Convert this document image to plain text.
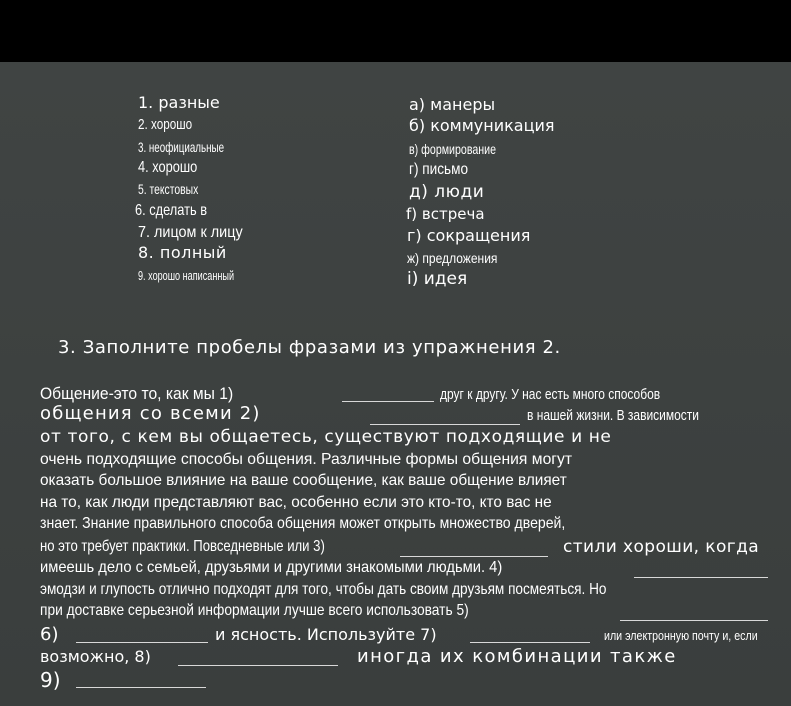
1. разные
2. хорошо
3. неофициальные
4. хорошо
5. текстовых
6. сделать в
7. лицом к лицу
8. полный
9. хорошо написанный
а) манеры
б) коммуникация
в) формирование
г) письмо
д) люди
f) встреча
г) сокращения
ж) предложения
i) идея
3. Заполните пробелы фразами из упражнения 2.
Общение-это то, как мы 1)	друг к другу. У нас есть много способов
общения со всеми 2)	в нашей жизни. В зависимости
от того, с кем вы общаетесь, существуют подходящие и не
очень подходящие способы общения. Различные формы общения могут
оказать большое влияние на ваше сообщение, как ваше общение влияет
на то, как люди представляют вас, особенно если это кто-то, кто вас не
знает. Знание правильного способа общения может открыть множество дверей,
но это требует практики. Повседневные или 3)	стили хороши, когда
имеешь дело с семьей, друзьями и другими знакомыми людьми. 4)
эмодзи и глупость отлично подходят для того, чтобы дать своим друзьям посмеяться. Но
при доставке серьезной информации лучше всего использовать 5)
6)	и ясность. Используйте 7)	или электронную почту и, если
возможно, 8)	иногда их комбинации также
9)
